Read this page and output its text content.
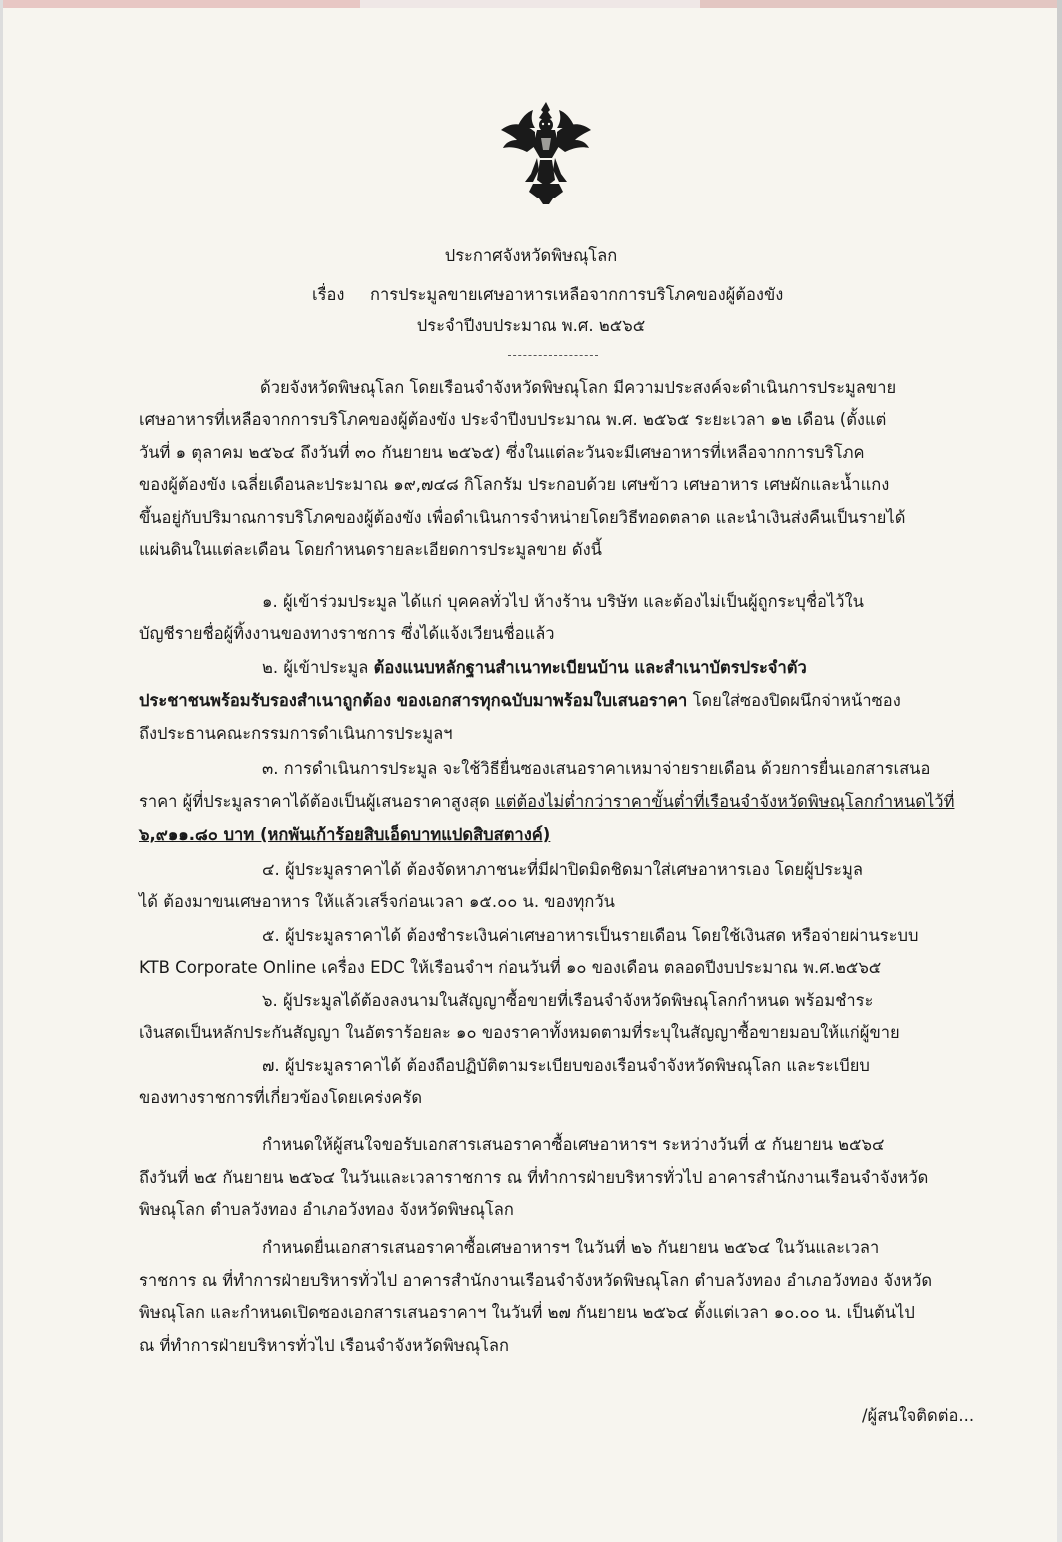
ประกาศจังหวัดพิษณุโลก
เรื่อง การประมูลขายเศษอาหารเหลือจากการบริโภคของผู้ต้องขัง
ประจำปีงบประมาณ พ.ศ. ๒๕๖๕
ด้วยจังหวัดพิษณุโลก โดยเรือนจำจังหวัดพิษณุโลก มีความประสงค์จะดำเนินการประมูลขาย
เศษอาหารที่เหลือจากการบริโภคของผู้ต้องขัง ประจำปีงบประมาณ พ.ศ. ๒๕๖๕ ระยะเวลา ๑๒ เดือน (ตั้งแต่
วันที่ ๑ ตุลาคม ๒๕๖๔ ถึงวันที่ ๓๐ กันยายน ๒๕๖๕) ซึ่งในแต่ละวันจะมีเศษอาหารที่เหลือจากการบริโภค
ของผู้ต้องขัง เฉลี่ยเดือนละประมาณ ๑๙,๗๔๘ กิโลกรัม ประกอบด้วย เศษข้าว เศษอาหาร เศษผักและน้ำแกง
ขึ้นอยู่กับปริมาณการบริโภคของผู้ต้องขัง เพื่อดำเนินการจำหน่ายโดยวิธีทอดตลาด และนำเงินส่งคืนเป็นรายได้
แผ่นดินในแต่ละเดือน โดยกำหนดรายละเอียดการประมูลขาย ดังนี้
๑. ผู้เข้าร่วมประมูล ได้แก่ บุคคลทั่วไป ห้างร้าน บริษัท และต้องไม่เป็นผู้ถูกระบุชื่อไว้ใน
บัญชีรายชื่อผู้ทิ้งงานของทางราชการ ซึ่งได้แจ้งเวียนชื่อแล้ว
๒. ผู้เข้าประมูล ต้องแนบหลักฐานสำเนาทะเบียนบ้าน และสำเนาบัตรประจำตัว
ประชาชนพร้อมรับรองสำเนาถูกต้อง ของเอกสารทุกฉบับมาพร้อมใบเสนอราคา โดยใส่ซองปิดผนึกจ่าหน้าซอง
ถึงประธานคณะกรรมการดำเนินการประมูลฯ
๓. การดำเนินการประมูล จะใช้วิธียื่นซองเสนอราคาเหมาจ่ายรายเดือน ด้วยการยื่นเอกสารเสนอ
ราคา ผู้ที่ประมูลราคาได้ต้องเป็นผู้เสนอราคาสูงสุด แต่ต้องไม่ต่ำกว่าราคาขั้นต่ำที่เรือนจำจังหวัดพิษณุโลกกำหนดไว้ที่
๖,๙๑๑.๘๐ บาท (หกพันเก้าร้อยสิบเอ็ดบาทแปดสิบสตางค์)
๔. ผู้ประมูลราคาได้ ต้องจัดหาภาชนะที่มีฝาปิดมิดชิดมาใส่เศษอาหารเอง โดยผู้ประมูล
ได้ ต้องมาขนเศษอาหาร ให้แล้วเสร็จก่อนเวลา ๑๕.๐๐ น. ของทุกวัน
๕. ผู้ประมูลราคาได้ ต้องชำระเงินค่าเศษอาหารเป็นรายเดือน โดยใช้เงินสด หรือจ่ายผ่านระบบ
KTB Corporate Online เครื่อง EDC ให้เรือนจำฯ ก่อนวันที่ ๑๐ ของเดือน ตลอดปีงบประมาณ พ.ศ.๒๕๖๕
๖. ผู้ประมูลได้ต้องลงนามในสัญญาซื้อขายที่เรือนจำจังหวัดพิษณุโลกกำหนด พร้อมชำระ
เงินสดเป็นหลักประกันสัญญา ในอัตราร้อยละ ๑๐ ของราคาทั้งหมดตามที่ระบุในสัญญาซื้อขายมอบให้แก่ผู้ขาย
๗. ผู้ประมูลราคาได้ ต้องถือปฏิบัติตามระเบียบของเรือนจำจังหวัดพิษณุโลก และระเบียบ
ของทางราชการที่เกี่ยวข้องโดยเคร่งครัด
กำหนดให้ผู้สนใจขอรับเอกสารเสนอราคาซื้อเศษอาหารฯ ระหว่างวันที่ ๕ กันยายน ๒๕๖๔
ถึงวันที่ ๒๕ กันยายน ๒๕๖๔ ในวันและเวลาราชการ ณ ที่ทำการฝ่ายบริหารทั่วไป อาคารสำนักงานเรือนจำจังหวัด
พิษณุโลก ตำบลวังทอง อำเภอวังทอง จังหวัดพิษณุโลก
กำหนดยื่นเอกสารเสนอราคาซื้อเศษอาหารฯ ในวันที่ ๒๖ กันยายน ๒๕๖๔ ในวันและเวลา
ราชการ ณ ที่ทำการฝ่ายบริหารทั่วไป อาคารสำนักงานเรือนจำจังหวัดพิษณุโลก ตำบลวังทอง อำเภอวังทอง จังหวัด
พิษณุโลก และกำหนดเปิดซองเอกสารเสนอราคาฯ ในวันที่ ๒๗ กันยายน ๒๕๖๔ ตั้งแต่เวลา ๑๐.๐๐ น. เป็นต้นไป
ณ ที่ทำการฝ่ายบริหารทั่วไป เรือนจำจังหวัดพิษณุโลก
/ผู้สนใจติดต่อ...
